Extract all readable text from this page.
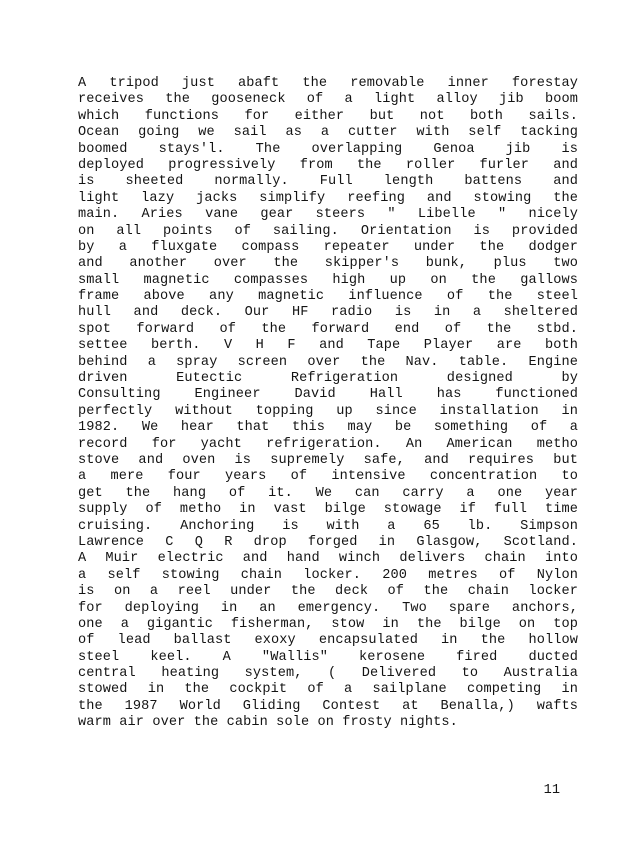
A tripod just abaft the removable inner forestay
receives the gooseneck of a light alloy jib boom
which functions for either but not both sails.
Ocean going we sail as a cutter with self tacking
boomed stays'l. The overlapping Genoa jib is
deployed progressively from the roller furler and
is sheeted normally. Full length battens and
light lazy jacks simplify reefing and stowing the
main. Aries vane gear steers " Libelle " nicely
on all points of sailing. Orientation is provided
by a fluxgate compass repeater under the dodger
and another over the skipper's bunk, plus two
small magnetic compasses high up on the gallows
frame above any magnetic influence of the steel
hull and deck. Our HF radio is in a sheltered
spot forward of the forward end of the stbd.
settee berth. V H F and Tape Player are both
behind a spray screen over the Nav. table. Engine
driven Eutectic Refrigeration designed by
Consulting Engineer David Hall has functioned
perfectly without topping up since installation in
1982. We hear that this may be something of a
record for yacht refrigeration. An American metho
stove and oven is supremely safe, and requires but
a mere four years of intensive concentration to
get the hang of it. We can carry a one year
supply of metho in vast bilge stowage if full time
cruising. Anchoring is with a 65 lb. Simpson
Lawrence C Q R drop forged in Glasgow, Scotland.
A Muir electric and hand winch delivers chain into
a self stowing chain locker. 200 metres of Nylon
is on a reel under the deck of the chain locker
for deploying in an emergency. Two spare anchors,
one a gigantic fisherman, stow in the bilge on top
of lead ballast exoxy encapsulated in the hollow
steel keel. A "Wallis" kerosene fired ducted
central heating system, ( Delivered to Australia
stowed in the cockpit of a sailplane competing in
the 1987 World Gliding Contest at Benalla,) wafts
warm air over the cabin sole on frosty nights.
11
